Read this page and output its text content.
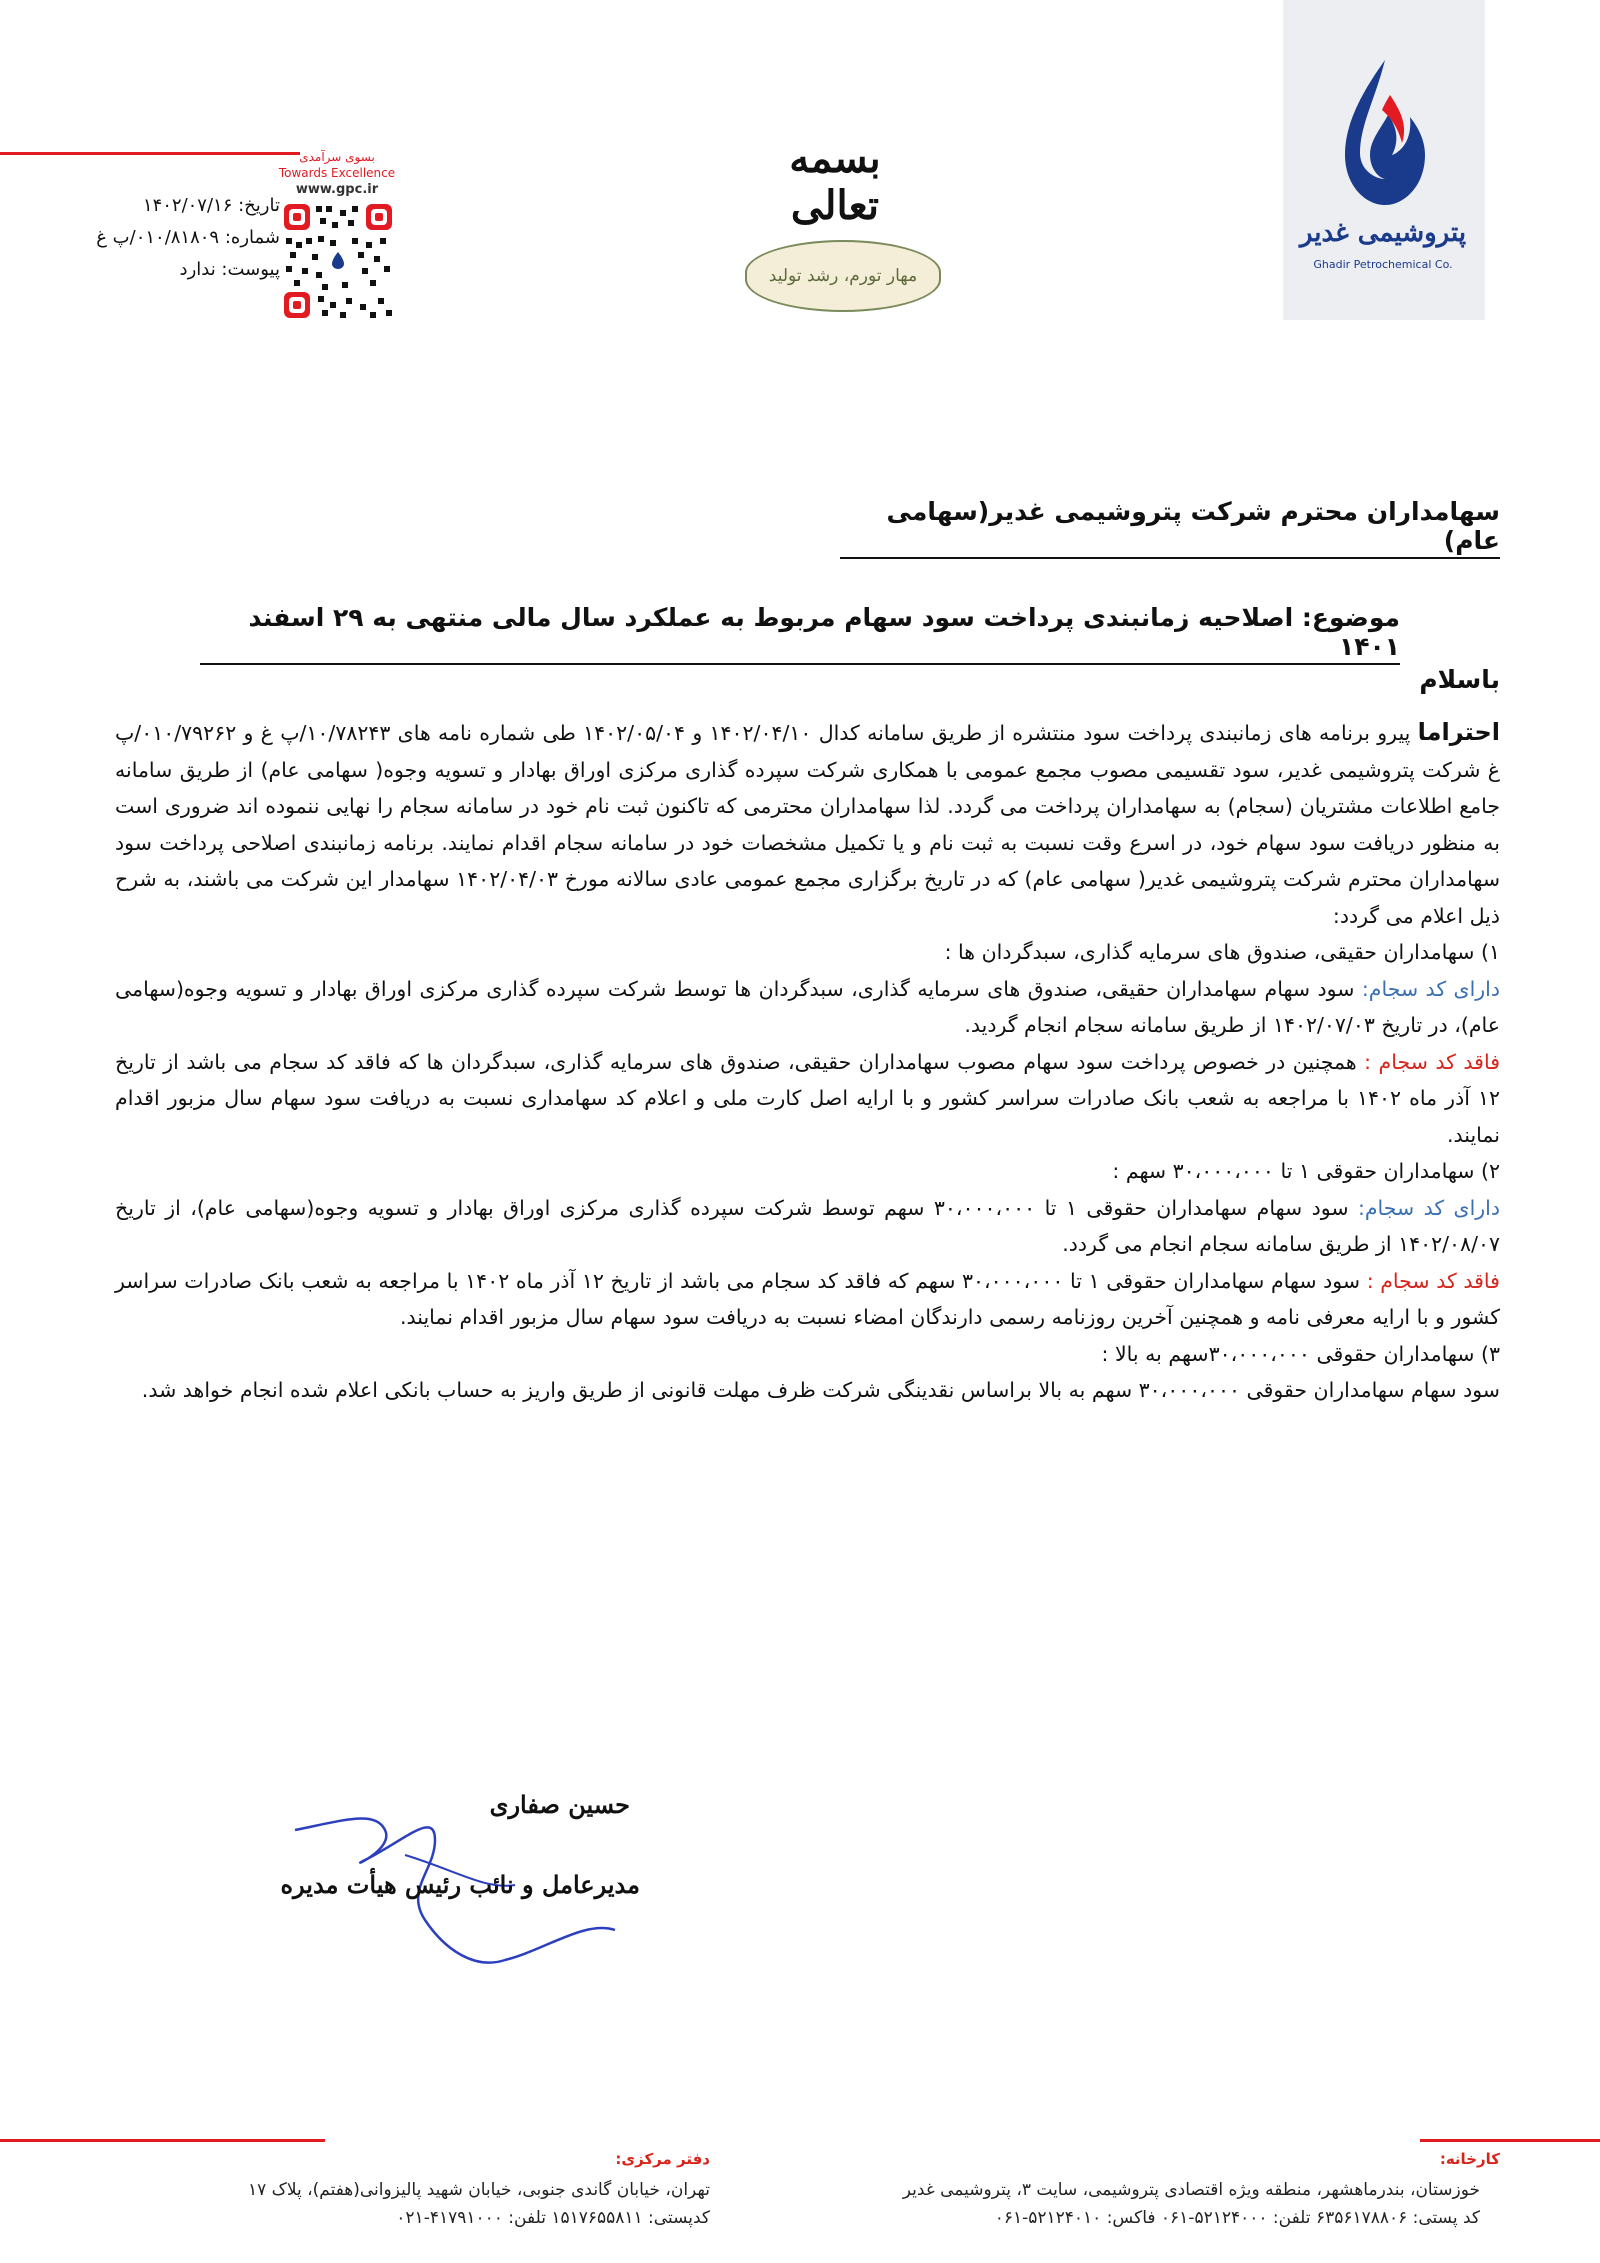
پتروشیمی غدیر
Ghadir Petrochemical Co.
بسمه تعالی
مهار تورم، رشد تولید
بسوی سرآمدی
Towards Excellence
www.gpc.ir
تاریخ: ۱۴۰۲/۰۷/۱۶
شماره: ۰۱۰/۸۱۸۰۹/پ غ
پیوست: ندارد
سهامداران محترم شرکت پتروشیمی غدیر(سهامی عام)
موضوع: اصلاحیه زمانبندی پرداخت سود سهام مربوط به عملکرد سال مالی منتهی به ۲۹ اسفند ۱۴۰۱
باسلام
احتراما پیرو برنامه های زمانبندی پرداخت سود منتشره از طریق سامانه کدال ۱۴۰۲/۰۴/۱۰ و ۱۴۰۲/۰۵/۰۴ طی شماره نامه های ۱۰/۷۸۲۴۳/پ غ و ۰۱۰/۷۹۲۶۲/پ غ شرکت پتروشیمی غدیر، سود تقسیمی مصوب مجمع عمومی با همکاری شرکت سپرده گذاری مرکزی اوراق بهادار و تسویه وجوه( سهامی عام) از طریق سامانه جامع اطلاعات مشتریان (سجام) به سهامداران پرداخت می گردد. لذا سهامداران محترمی که تاکنون ثبت نام خود در سامانه سجام را نهایی ننموده اند ضروری است به منظور دریافت سود سهام خود، در اسرع وقت نسبت به ثبت نام و یا تکمیل مشخصات خود در سامانه سجام اقدام نمایند. برنامه زمانبندی اصلاحی پرداخت سود سهامداران محترم شرکت پتروشیمی غدیر( سهامی عام) که در تاریخ برگزاری مجمع عمومی عادی سالانه مورخ ۱۴۰۲/۰۴/۰۳ سهامدار این شرکت می باشند، به شرح ذیل اعلام می گردد:
۱) سهامداران حقیقی، صندوق های سرمایه گذاری، سبدگردان ها :
دارای کد سجام: سود سهام سهامداران حقیقی، صندوق های سرمایه گذاری، سبدگردان ها توسط شرکت سپرده گذاری مرکزی اوراق بهادار و تسویه وجوه(سهامی عام)، در تاریخ ۱۴۰۲/۰۷/۰۳ از طریق سامانه سجام انجام گردید.
فاقد کد سجام : همچنین در خصوص پرداخت سود سهام مصوب سهامداران حقیقی، صندوق های سرمایه گذاری، سبدگردان ها که فاقد کد سجام می باشد از تاریخ ۱۲ آذر ماه ۱۴۰۲ با مراجعه به شعب بانک صادرات سراسر کشور و با ارایه اصل کارت ملی و اعلام کد سهامداری نسبت به دریافت سود سهام سال مزبور اقدام نمایند.
۲) سهامداران حقوقی ۱ تا ۳۰،۰۰۰،۰۰۰ سهم :
دارای کد سجام: سود سهام سهامداران حقوقی ۱ تا ۳۰،۰۰۰،۰۰۰ سهم توسط شرکت سپرده گذاری مرکزی اوراق بهادار و تسویه وجوه(سهامی عام)، از تاریخ ۱۴۰۲/۰۸/۰۷ از طریق سامانه سجام انجام می گردد.
فاقد کد سجام : سود سهام سهامداران حقوقی ۱ تا ۳۰،۰۰۰،۰۰۰ سهم که فاقد کد سجام می باشد از تاریخ ۱۲ آذر ماه ۱۴۰۲ با مراجعه به شعب بانک صادرات سراسر کشور و با ارایه معرفی نامه و همچنین آخرین روزنامه رسمی دارندگان امضاء نسبت به دریافت سود سهام سال مزبور اقدام نمایند.
۳) سهامداران حقوقی ۳۰،۰۰۰،۰۰۰سهم به بالا :
سود سهام سهامداران حقوقی ۳۰،۰۰۰،۰۰۰ سهم به بالا براساس نقدینگی شرکت ظرف مهلت قانونی از طریق واریز به حساب بانکی اعلام شده انجام خواهد شد.
حسین صفاری
مدیرعامل و نائب رئیس هیأت مدیره
کارخانه:
خوزستان، بندرماهشهر، منطقه ویژه اقتصادی پتروشیمی، سایت ۳، پتروشیمی غدیر
کد پستی: ۶۳۵۶۱۷۸۸۰۶ تلفن: ۵۲۱۲۴۰۰۰-۰۶۱ فاکس: ۵۲۱۲۴۰۱۰-۰۶۱
دفتر مرکزی:
تهران، خیابان گاندی جنوبی، خیابان شهید پالیزوانی(هفتم)، پلاک ۱۷
کدپستی: ۱۵۱۷۶۵۵۸۱۱ تلفن: ۴۱۷۹۱۰۰۰-۰۲۱
